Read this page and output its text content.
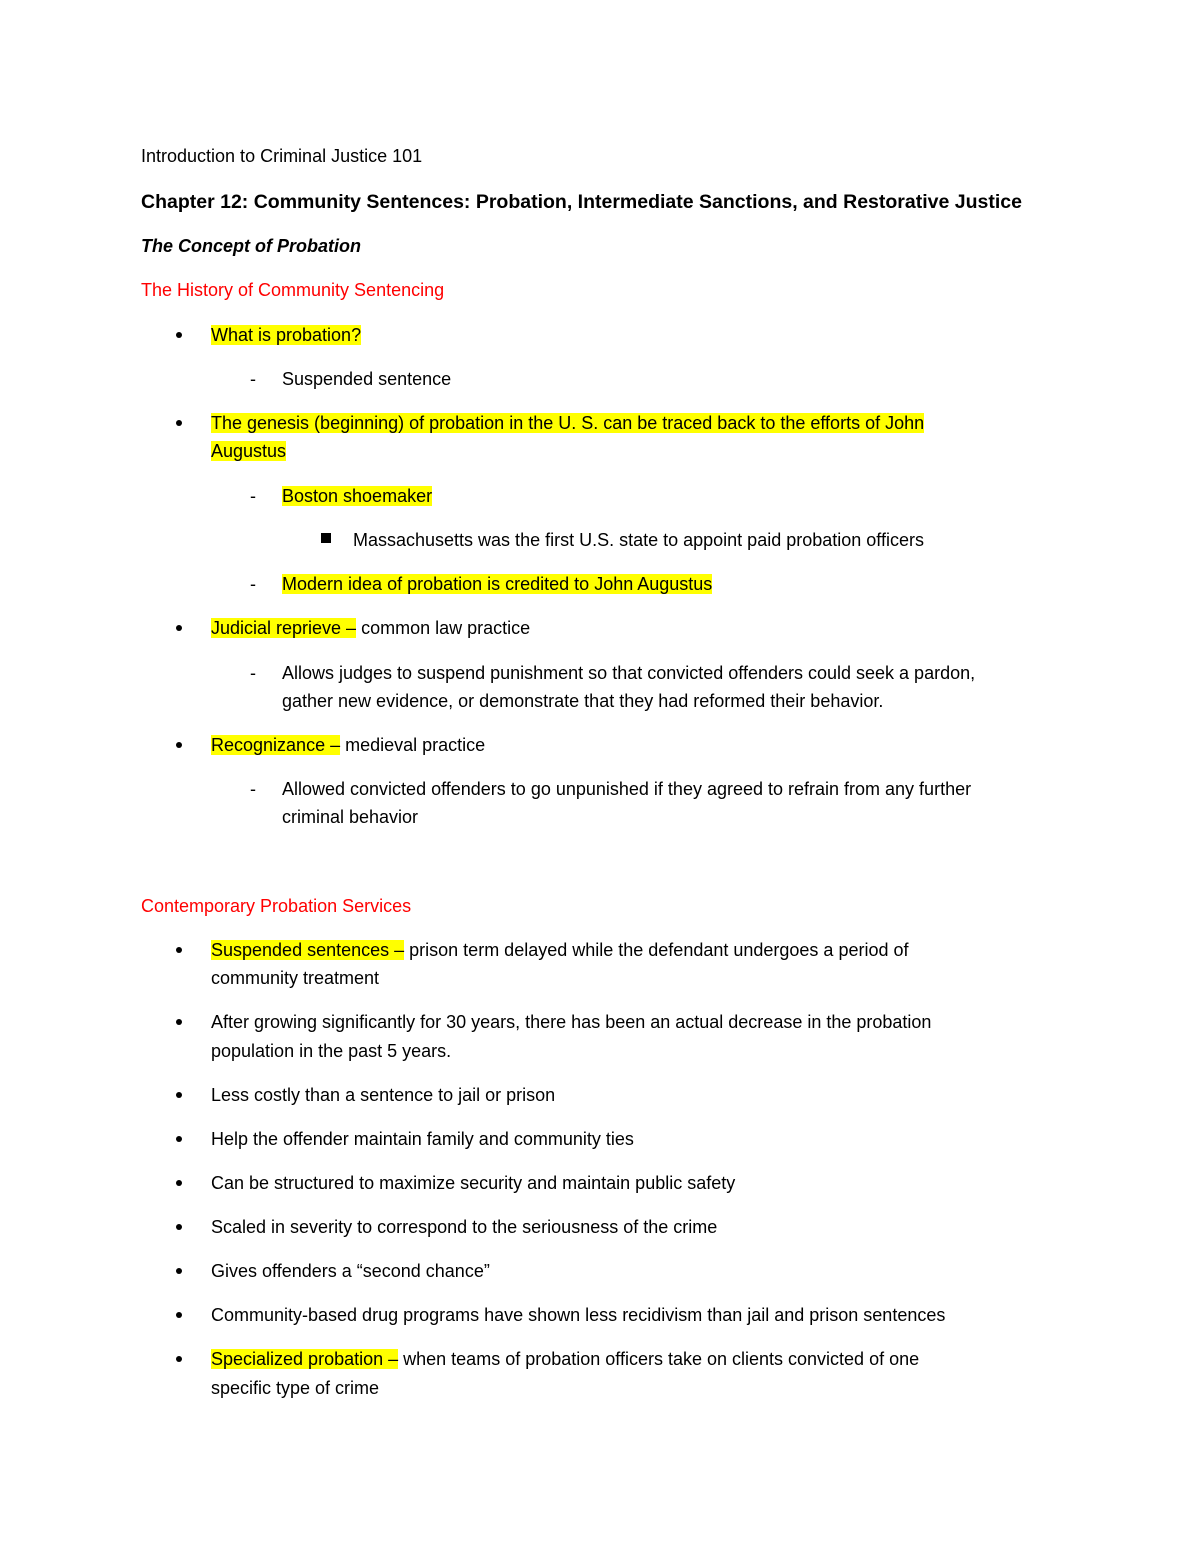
Introduction to Criminal Justice 101
Chapter 12: Community Sentences: Probation, Intermediate Sanctions, and Restorative Justice
The Concept of Probation
The History of Community Sentencing
What is probation?
- Suspended sentence
The genesis (beginning) of probation in the U. S. can be traced back to the efforts of John
Augustus
- Boston shoemaker
Massachusetts was the first U.S. state to appoint paid probation officers
- Modern idea of probation is credited to John Augustus
Judicial reprieve – common law practice
- Allows judges to suspend punishment so that convicted offenders could seek a pardon,
gather new evidence, or demonstrate that they had reformed their behavior.
Recognizance – medieval practice
- Allowed convicted offenders to go unpunished if they agreed to refrain from any further
criminal behavior
Contemporary Probation Services
Suspended sentences – prison term delayed while the defendant undergoes a period of
community treatment
After growing significantly for 30 years, there has been an actual decrease in the probation
population in the past 5 years.
Less costly than a sentence to jail or prison
Help the offender maintain family and community ties
Can be structured to maximize security and maintain public safety
Scaled in severity to correspond to the seriousness of the crime
Gives offenders a “second chance”
Community-based drug programs have shown less recidivism than jail and prison sentences
Specialized probation – when teams of probation officers take on clients convicted of one
specific type of crime
